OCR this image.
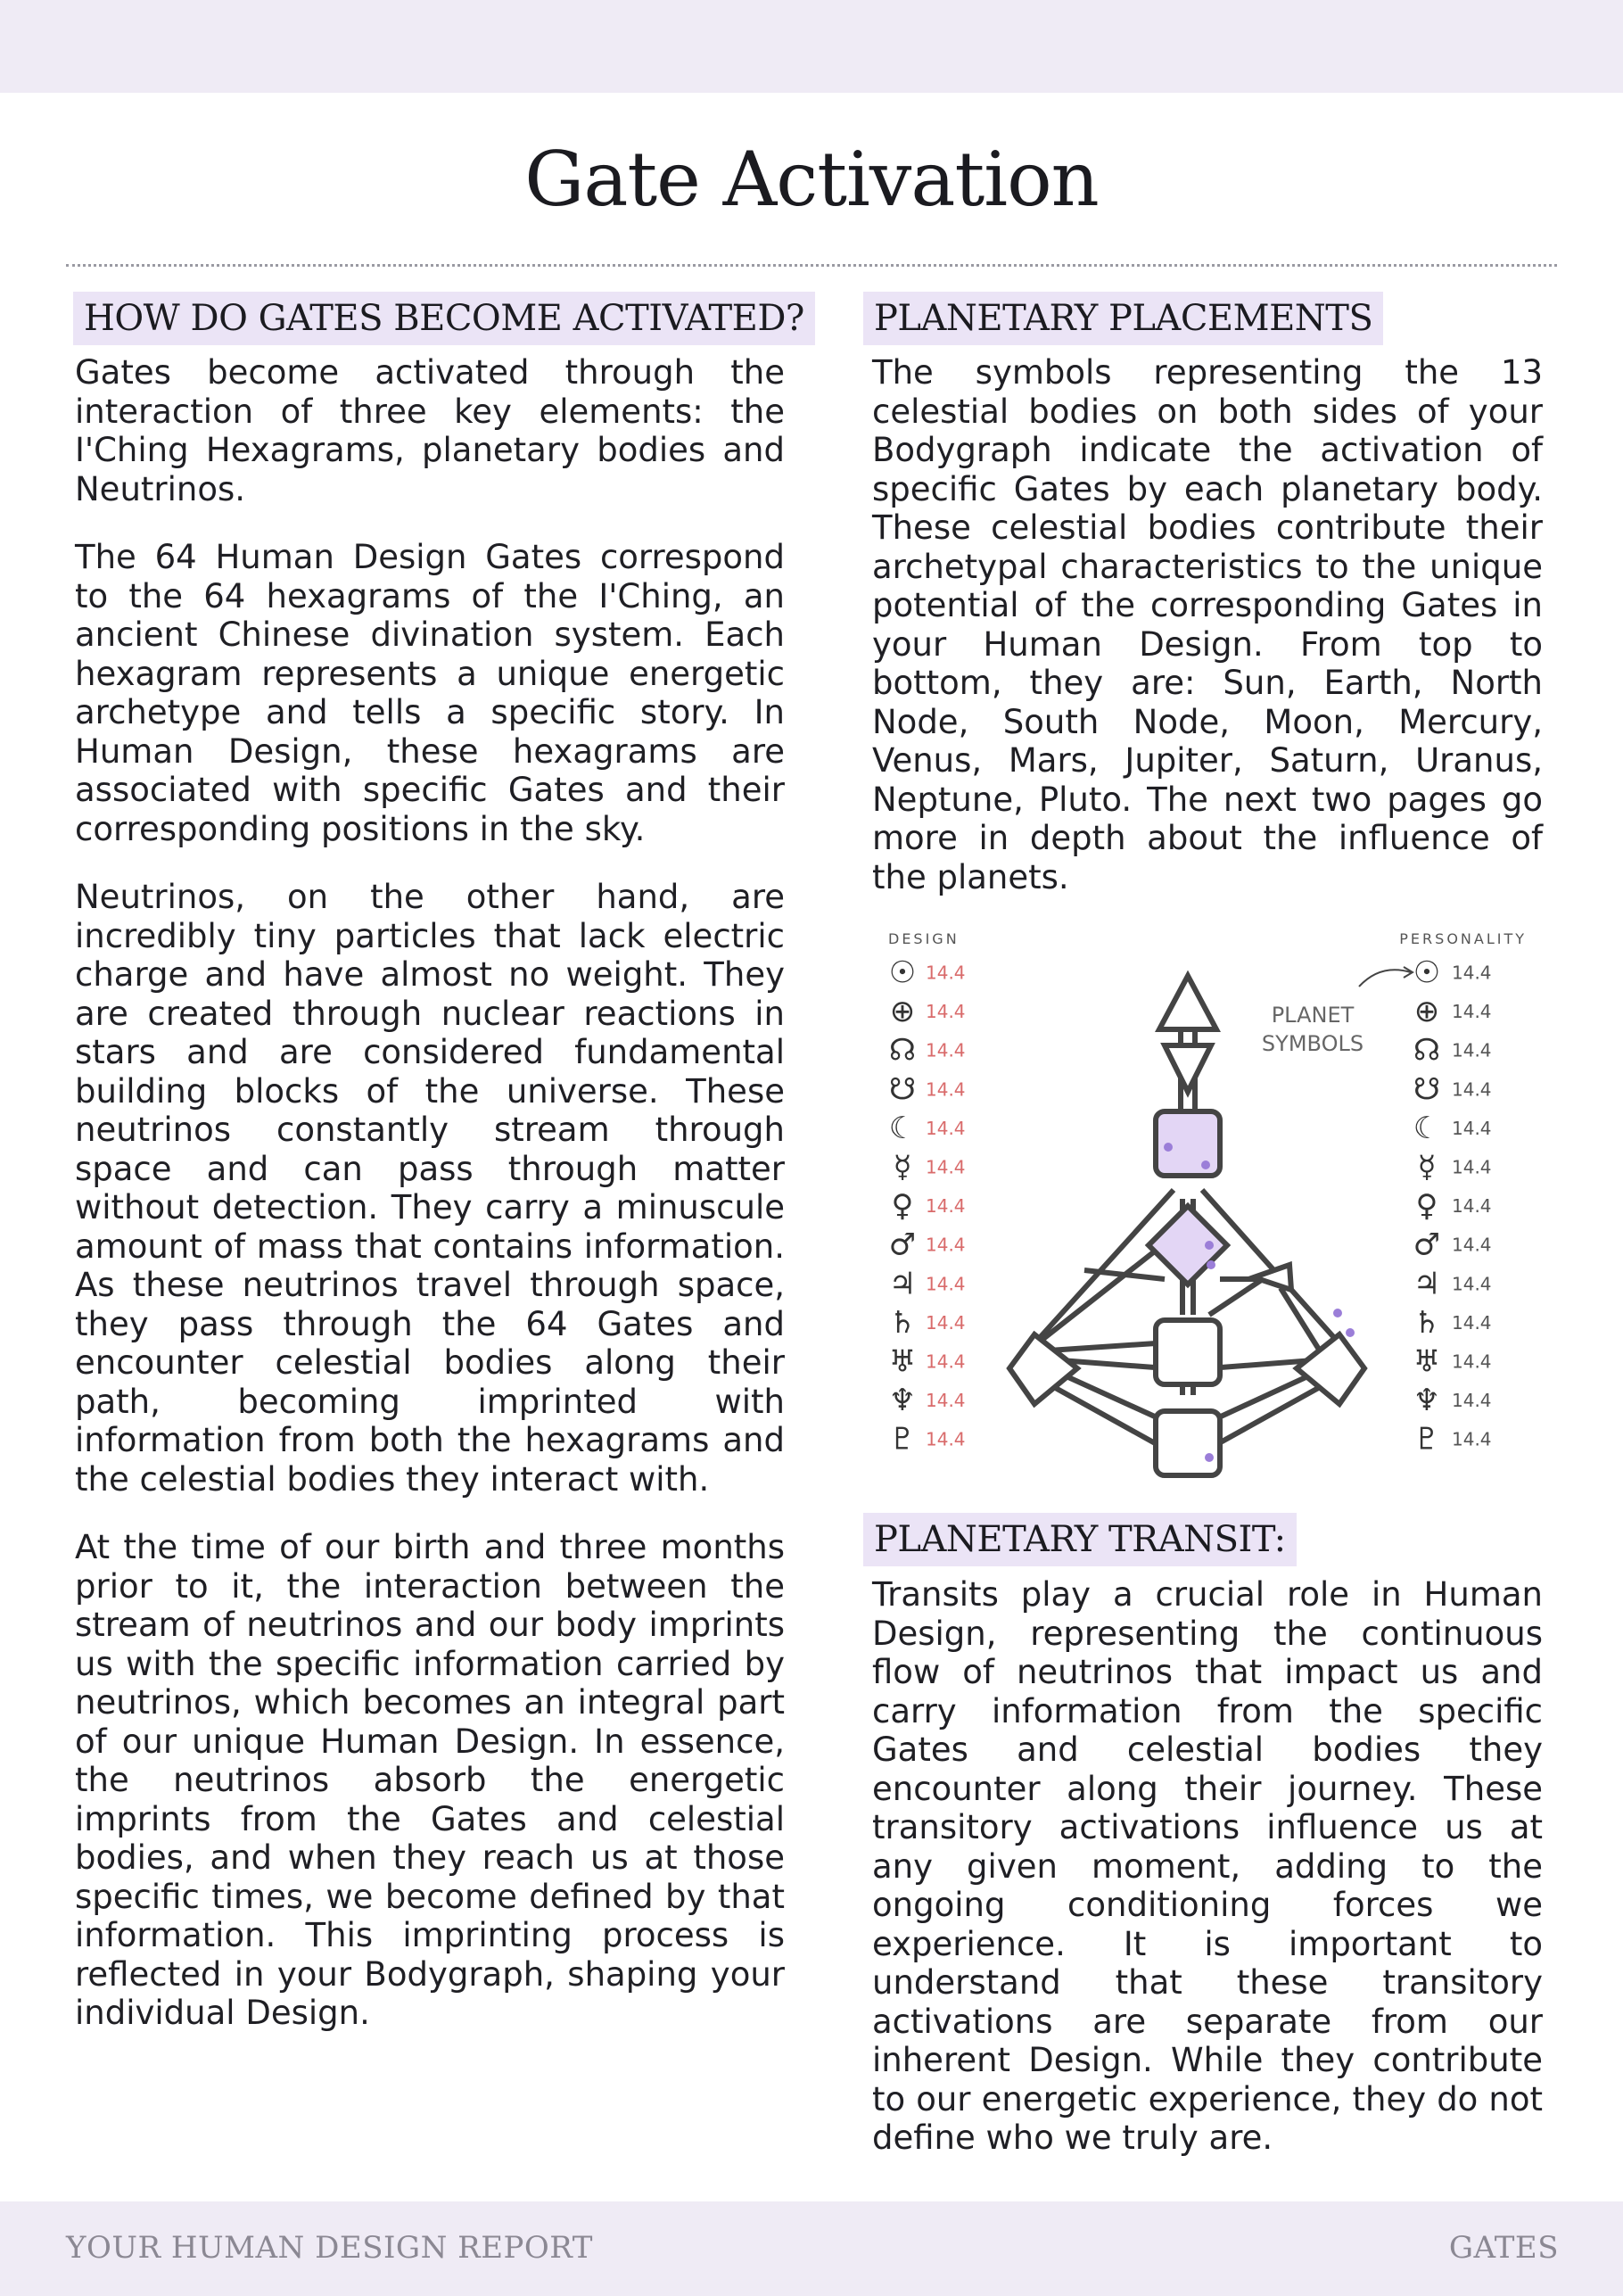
Gate Activation
HOW DO GATES BECOME ACTIVATED?

Gates become activated through the interaction of three key elements: the I'Ching Hexagrams, planetary bodies and Neutrinos.

The 64 Human Design Gates correspond to the 64 hexagrams of the I'Ching, an ancient Chinese divination system. Each hexagram represents a unique energetic archetype and tells a specific story. In Human Design, these hexagrams are associated with specific Gates and their corresponding positions in the sky.

Neutrinos, on the other hand, are incredibly tiny particles that lack electric charge and have almost no weight. They are created through nuclear reactions in stars and are considered fundamental building blocks of the universe. These neutrinos constantly stream through space and can pass through matter without detection. They carry a minuscule amount of mass that contains information. As these neutrinos travel through space, they pass through the 64 Gates and encounter celestial bodies along their path, becoming imprinted with information from both the hexagrams and the celestial bodies they interact with.

At the time of our birth and three months prior to it, the interaction between the stream of neutrinos and our body imprints us with the specific information carried by neutrinos, which becomes an integral part of our unique Human Design. In essence, the neutrinos absorb the energetic imprints from the Gates and celestial bodies, and when they reach us at those specific times, we become defined by that information. This imprinting process is reflected in your Bodygraph, shaping your individual Design.

PLANETARY PLACEMENTS

The symbols representing the 13 celestial bodies on both sides of your Bodygraph indicate the activation of specific Gates by each planetary body. These celestial bodies contribute their archetypal characteristics to the unique potential of the corresponding Gates in your Human Design. From top to bottom, they are: Sun, Earth, North Node, South Node, Moon, Mercury, Venus, Mars, Jupiter, Saturn, Uranus, Neptune, Pluto. The next two pages go more in depth about the influence of the planets.

DESIGN	PERSONALITY
☉ 14.4
⊕ 14.4
☊ 14.4
☋ 14.4
☾ 14.4
☿ 14.4
♀ 14.4
♂ 14.4
♃ 14.4
♄ 14.4
♅ 14.4
♆ 14.4
♇ 14.4
☉ 14.4
⊕ 14.4
☊ 14.4
☋ 14.4
☾ 14.4
☿ 14.4
♀ 14.4
♂ 14.4
♃ 14.4
♄ 14.4
♅ 14.4
♆ 14.4
♇ 14.4
PLANET
SYMBOLS
PLANETARY TRANSIT:

Transits play a crucial role in Human Design, representing the continuous flow of neutrinos that impact us and carry information from the specific Gates and celestial bodies they encounter along their journey. These transitory activations influence us at any given moment, adding to the ongoing conditioning forces we experience. It is important to understand that these transitory activations are separate from our inherent Design. While they contribute to our energetic experience, they do not define who we truly are.

YOUR HUMAN DESIGN REPORT	GATES
